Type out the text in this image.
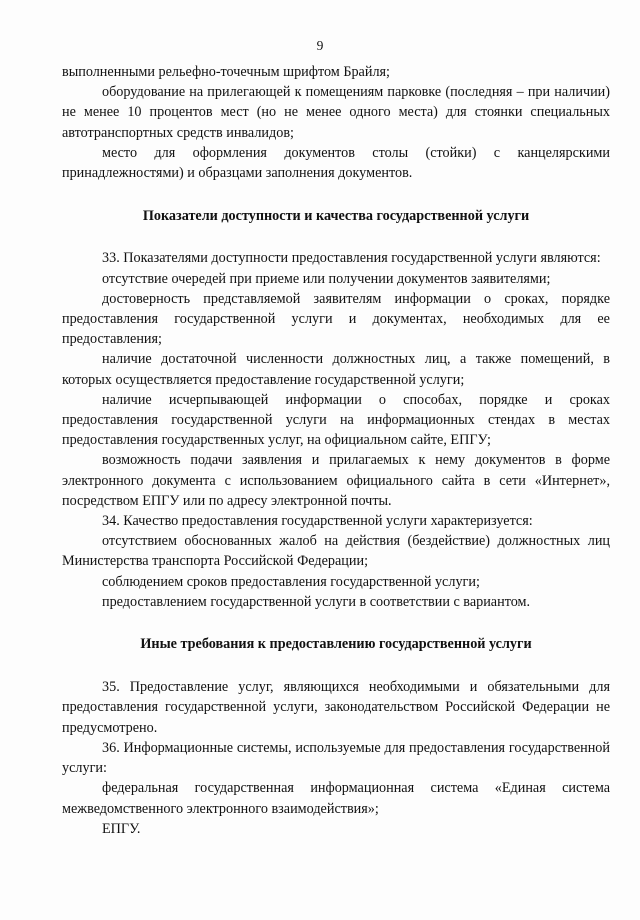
9

выполненными рельефно-точечным шрифтом Брайля;

оборудование на прилегающей к помещениям парковке (последняя – при наличии) не менее 10 процентов мест (но не менее одного места) для стоянки специальных автотранспортных средств инвалидов;

место для оформления документов столы (стойки) с канцелярскими принадлежностями) и образцами заполнения документов.

Показатели доступности и качества государственной услуги

33. Показателями доступности предоставления государственной услуги являются:

отсутствие очередей при приеме или получении документов заявителями;

достоверность представляемой заявителям информации о сроках, порядке предоставления государственной услуги и документах, необходимых для ее предоставления;

наличие достаточной численности должностных лиц, а также помещений, в которых осуществляется предоставление государственной услуги;

наличие исчерпывающей информации о способах, порядке и сроках предоставления государственной услуги на информационных стендах в местах предоставления государственных услуг, на официальном сайте, ЕПГУ;

возможность подачи заявления и прилагаемых к нему документов в форме электронного документа с использованием официального сайта в сети «Интернет», посредством ЕПГУ или по адресу электронной почты.

34. Качество предоставления государственной услуги характеризуется:

отсутствием обоснованных жалоб на действия (бездействие) должностных лиц Министерства транспорта Российской Федерации;

соблюдением сроков предоставления государственной услуги;

предоставлением государственной услуги в соответствии с вариантом.

Иные требования к предоставлению государственной услуги

35. Предоставление услуг, являющихся необходимыми и обязательными для предоставления государственной услуги, законодательством Российской Федерации не предусмотрено.

36. Информационные системы, используемые для предоставления государственной услуги:

федеральная государственная информационная система «Единая система межведомственного электронного взаимодействия»;

ЕПГУ.
